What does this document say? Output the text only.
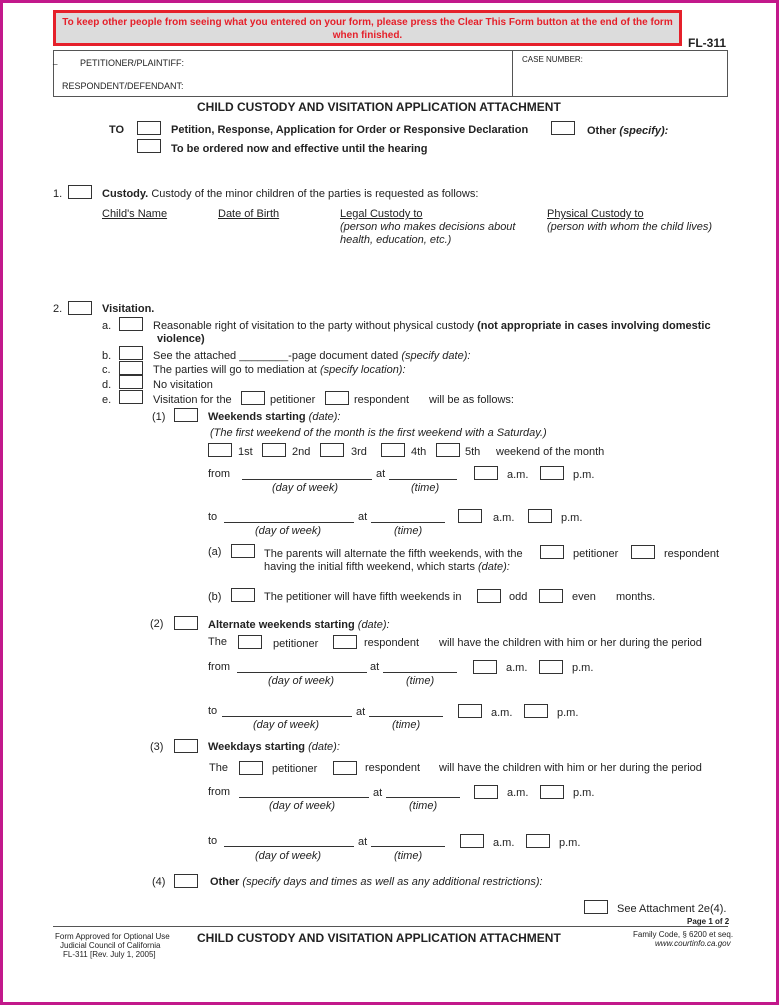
To keep other people from seeing what you entered on your form, please press the Clear This Form button at the end of the form when finished.
FL-311
_	PETITIONER/PLAINTIFF:
RESPONDENT/DEFENDANT:
CASE NUMBER:
CHILD CUSTODY AND VISITATION APPLICATION ATTACHMENT
TO	Petition, Response, Application for Order or Responsive Declaration	Other (specify):
To be ordered now and effective until the hearing
1.	Custody. Custody of the minor children of the parties is requested as follows:
Child's Name	Date of Birth	Legal Custody to
(person who makes decisions about
health, education, etc.)
Physical Custody to
(person with whom the child lives)
2.	Visitation.
a.	Reasonable right of visitation to the party without physical custody (not appropriate in cases involving domestic
violence)
b.	See the attached ________-page document dated (specify date):
c.	The parties will go to mediation at (specify location):
d.	No visitation
e.	Visitation for the	petitioner	respondent will be as follows:
(1)	Weekends starting (date):
(The first weekend of the month is the first weekend with a Saturday.)
1st	2nd	3rd	4th	5th weekend of the month
from	at	a.m.	p.m.
(day of week)	(time)
to	at	a.m.	p.m.
(day of week)	(time)
(a)	The parents will alternate the fifth weekends, with the	petitioner	respondent
having the initial fifth weekend, which starts (date):
(b)	The petitioner will have fifth weekends in	odd	even months.
(2)	Alternate weekends starting (date):
The	petitioner	respondent will have the children with him or her during the period
from	at	a.m.	p.m.
(day of week)	(time)
to	at	a.m.	p.m.
(day of week)	(time)
(3)	Weekdays starting (date):
The	petitioner	respondent will have the children with him or her during the period
from	at	a.m.	p.m.
(day of week)	(time)
to	at	a.m.	p.m.
(day of week)	(time)
(4)	Other (specify days and times as well as any additional restrictions):
See Attachment 2e(4).
Page 1 of 2
Form Approved for Optional Use
Judicial Council of California
FL-311 [Rev. July 1, 2005]
CHILD CUSTODY AND VISITATION APPLICATION ATTACHMENT	Family Code, § 6200 et seq.
www.courtinfo.ca.gov
